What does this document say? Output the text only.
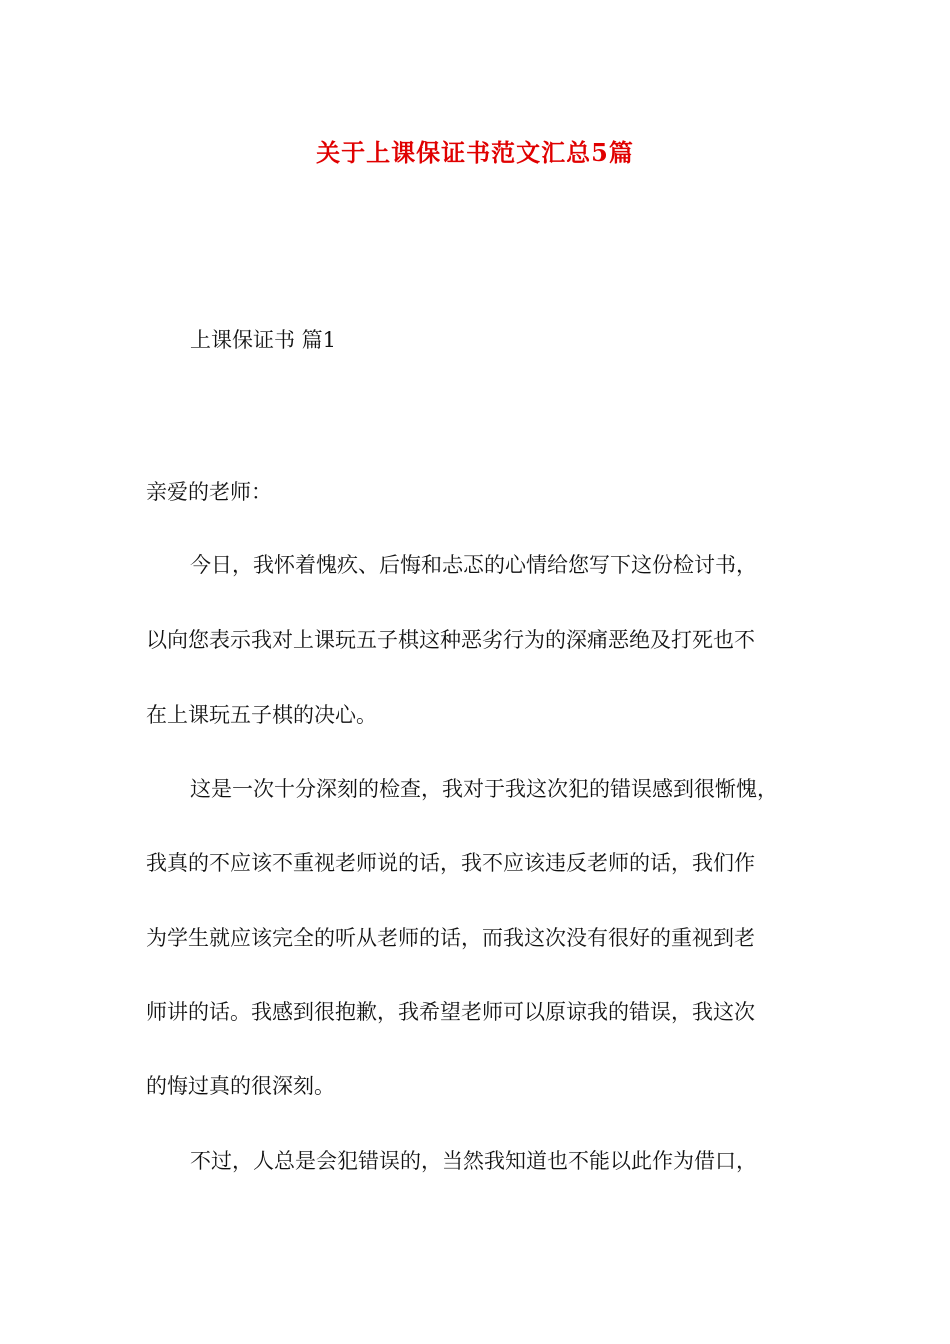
关于上课保证书范文汇总5篇
上课保证书 篇1
亲爱的老师：
今日，我怀着愧疚、后悔和忐忑的心情给您写下这份检讨书，
以向您表示我对上课玩五子棋这种恶劣行为的深痛恶绝及打死也不
在上课玩五子棋的决心。
这是一次十分深刻的检查，我对于我这次犯的错误感到很惭愧，
我真的不应该不重视老师说的话，我不应该违反老师的话，我们作
为学生就应该完全的听从老师的话，而我这次没有很好的重视到老
师讲的话。我感到很抱歉，我希望老师可以原谅我的错误，我这次
的悔过真的很深刻。
不过，人总是会犯错误的，当然我知道也不能以此作为借口，
